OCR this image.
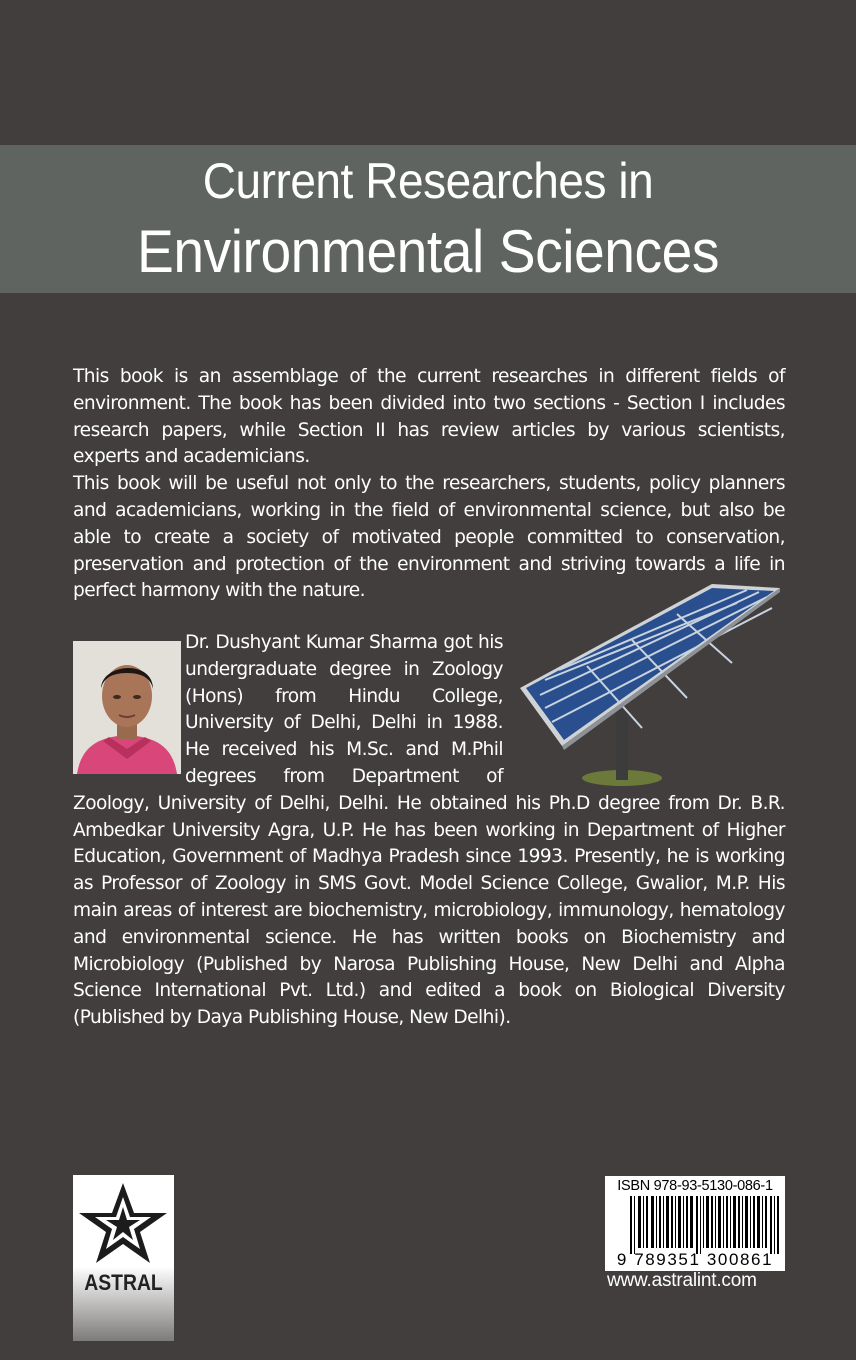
Current Researches in
Environmental Sciences

This book is an assemblage of the current researches in different fields of environment. The book has been divided into two sections - Section I includes research papers, while Section II has review articles by various scientists, experts and academicians.

This book will be useful not only to the researchers, students, policy planners and academicians, working in the field of environmental science, but also be able to create a society of motivated people committed to conservation, preservation and protection of the environment and striving towards a life in perfect harmony with the nature.

Dr. Dushyant Kumar Sharma got his undergraduate degree in Zoology (Hons) from Hindu College, University of Delhi, Delhi in 1988. He received his M.Sc. and M.Phil degrees from Department of Zoology, University of Delhi, Delhi. He obtained his Ph.D degree from Dr. B.R. Ambedkar University Agra, U.P. He has been working in Department of Higher Education, Government of Madhya Pradesh since 1993. Presently, he is working as Professor of Zoology in SMS Govt. Model Science College, Gwalior, M.P. His main areas of interest are biochemistry, microbiology, immunology, hematology and environmental science. He has written books on Biochemistry and Microbiology (Published by Narosa Publishing House, New Delhi and Alpha Science International Pvt. Ltd.) and edited a book on Biological Diversity (Published by Daya Publishing House, New Delhi).
ASTRAL
ISBN 978-93-5130-086-1
9 789351 300861
www.astralint.com
